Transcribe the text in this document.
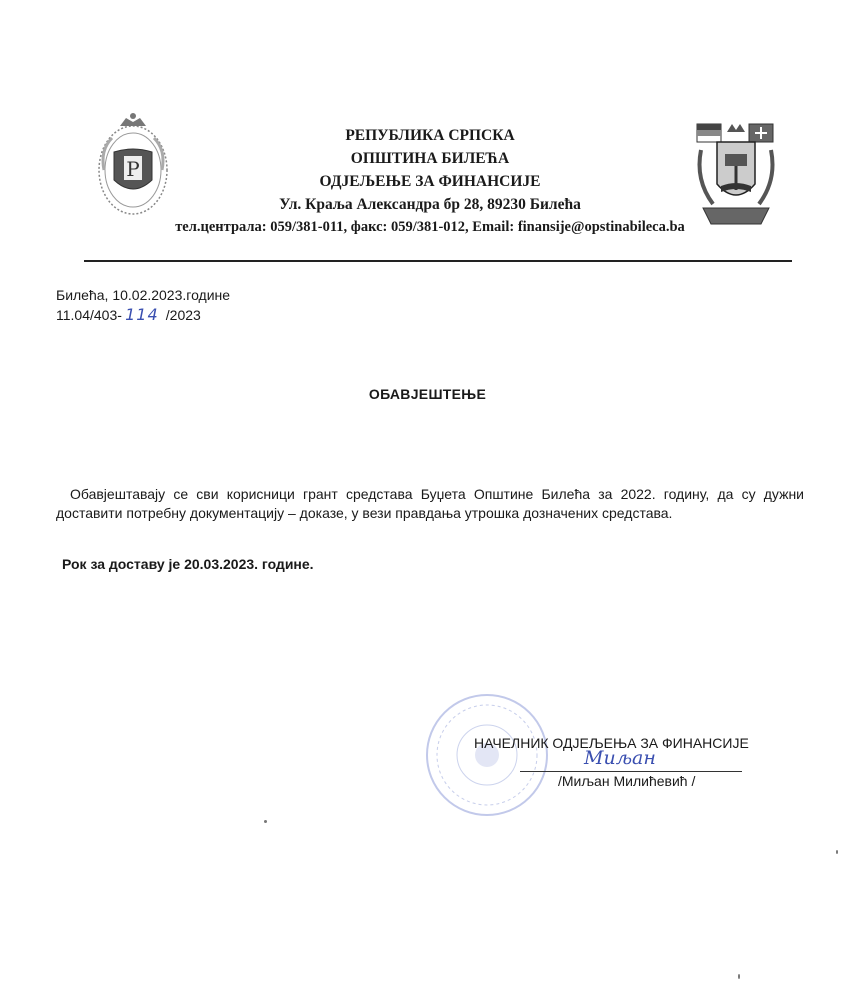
Р
РЕПУБЛИКА СРПСКА
ОПШТИНА БИЛЕЋА
ОДЈЕЉЕЊЕ ЗА ФИНАНСИЈЕ
Ул. Краља Александра бр 28, 89230 Билећа
тел.централа: 059/381-011, факс: 059/381-012, Email: finansije@opstinabileca.ba
Билећа, 10.02.2023.године
11.04/403- 114 /2023
ОБАВЈЕШТЕЊЕ
Обавјештавају се сви корисници грант средстава Буџета Општине Билећа за 2022. годину, да су дужни доставити потребну документацију – доказе, у вези правдања утрошка дозначених средстава.
Рок за доставу је 20.03.2023. године.
НАЧЕЛНИК ОДЈЕЉЕЊА ЗА ФИНАНСИЈЕ
Миљан
/Миљан Милићевић /
